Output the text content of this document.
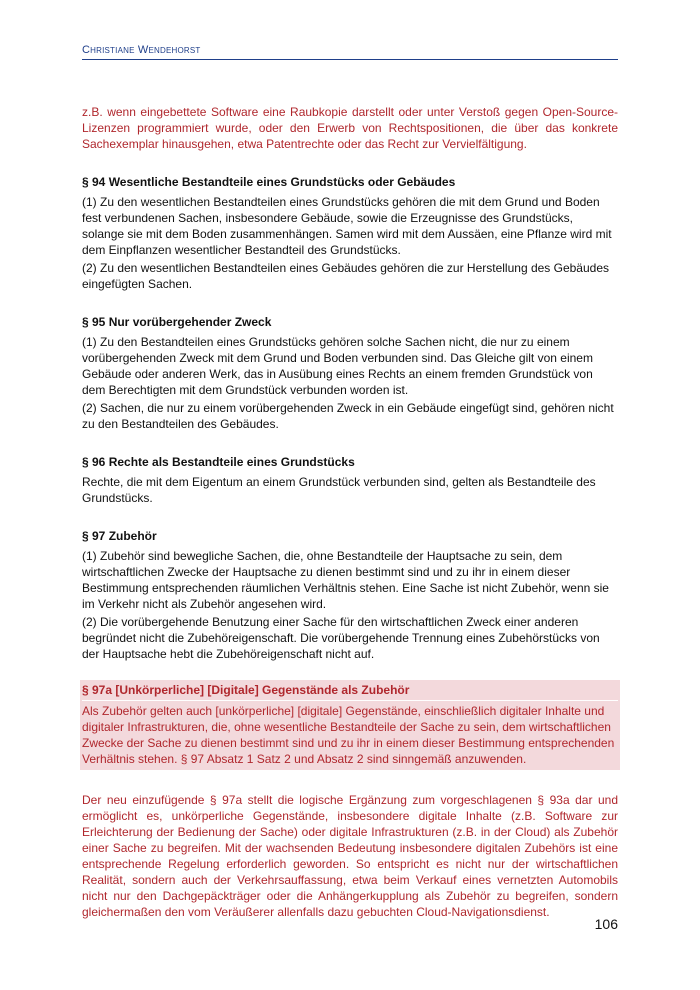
Christiane Wendehorst

z.B. wenn eingebettete Software eine Raubkopie darstellt oder unter Verstoß gegen Open-Source-Lizenzen programmiert wurde, oder den Erwerb von Rechtspositionen, die über das konkrete Sachexemplar hinausgehen, etwa Patentrechte oder das Recht zur Vervielfältigung.

§ 94 Wesentliche Bestandteile eines Grundstücks oder Gebäudes

(1) Zu den wesentlichen Bestandteilen eines Grundstücks gehören die mit dem Grund und Boden fest verbundenen Sachen, insbesondere Gebäude, sowie die Erzeugnisse des Grundstücks, solange sie mit dem Boden zusammenhängen. Samen wird mit dem Aussäen, eine Pflanze wird mit dem Einpflanzen wesentlicher Bestandteil des Grundstücks.

(2) Zu den wesentlichen Bestandteilen eines Gebäudes gehören die zur Herstellung des Gebäudes eingefügten Sachen.

§ 95 Nur vorübergehender Zweck

(1) Zu den Bestandteilen eines Grundstücks gehören solche Sachen nicht, die nur zu einem vorübergehenden Zweck mit dem Grund und Boden verbunden sind. Das Gleiche gilt von einem Gebäude oder anderen Werk, das in Ausübung eines Rechts an einem fremden Grundstück von dem Berechtigten mit dem Grundstück verbunden worden ist.

(2) Sachen, die nur zu einem vorübergehenden Zweck in ein Gebäude eingefügt sind, gehören nicht zu den Bestandteilen des Gebäudes.

§ 96 Rechte als Bestandteile eines Grundstücks

Rechte, die mit dem Eigentum an einem Grundstück verbunden sind, gelten als Bestandteile des Grundstücks.

§ 97 Zubehör

(1) Zubehör sind bewegliche Sachen, die, ohne Bestandteile der Hauptsache zu sein, dem wirtschaftlichen Zwecke der Hauptsache zu dienen bestimmt sind und zu ihr in einem dieser Bestimmung entsprechenden räumlichen Verhältnis stehen. Eine Sache ist nicht Zubehör, wenn sie im Verkehr nicht als Zubehör angesehen wird.

(2) Die vorübergehende Benutzung einer Sache für den wirtschaftlichen Zweck einer anderen begründet nicht die Zubehöreigenschaft. Die vorübergehende Trennung eines Zubehörstücks von der Hauptsache hebt die Zubehöreigenschaft nicht auf.

§ 97a [Unkörperliche] [Digitale] Gegenstände als Zubehör

Als Zubehör gelten auch [unkörperliche] [digitale] Gegenstände, einschließlich digitaler Inhalte und digitaler Infrastrukturen, die, ohne wesentliche Bestandteile der Sache zu sein, dem wirtschaftlichen Zwecke der Sache zu dienen bestimmt sind und zu ihr in einem dieser Bestimmung entsprechenden Verhältnis stehen. § 97 Absatz 1 Satz 2 und Absatz 2 sind sinngemäß anzuwenden.

Der neu einzufügende § 97a stellt die logische Ergänzung zum vorgeschlagenen § 93a dar und ermöglicht es, unkörperliche Gegenstände, insbesondere digitale Inhalte (z.B. Software zur Erleichterung der Bedienung der Sache) oder digitale Infrastrukturen (z.B. in der Cloud) als Zubehör einer Sache zu begreifen. Mit der wachsenden Bedeutung insbesondere digitalen Zubehörs ist eine entsprechende Regelung erforderlich geworden. So entspricht es nicht nur der wirtschaftlichen Realität, sondern auch der Verkehrsauffassung, etwa beim Verkauf eines vernetzten Automobils nicht nur den Dachgepäckträger oder die Anhängerkupplung als Zubehör zu begreifen, sondern gleichermaßen den vom Veräußerer allenfalls dazu gebuchten Cloud-Navigationsdienst.

106
